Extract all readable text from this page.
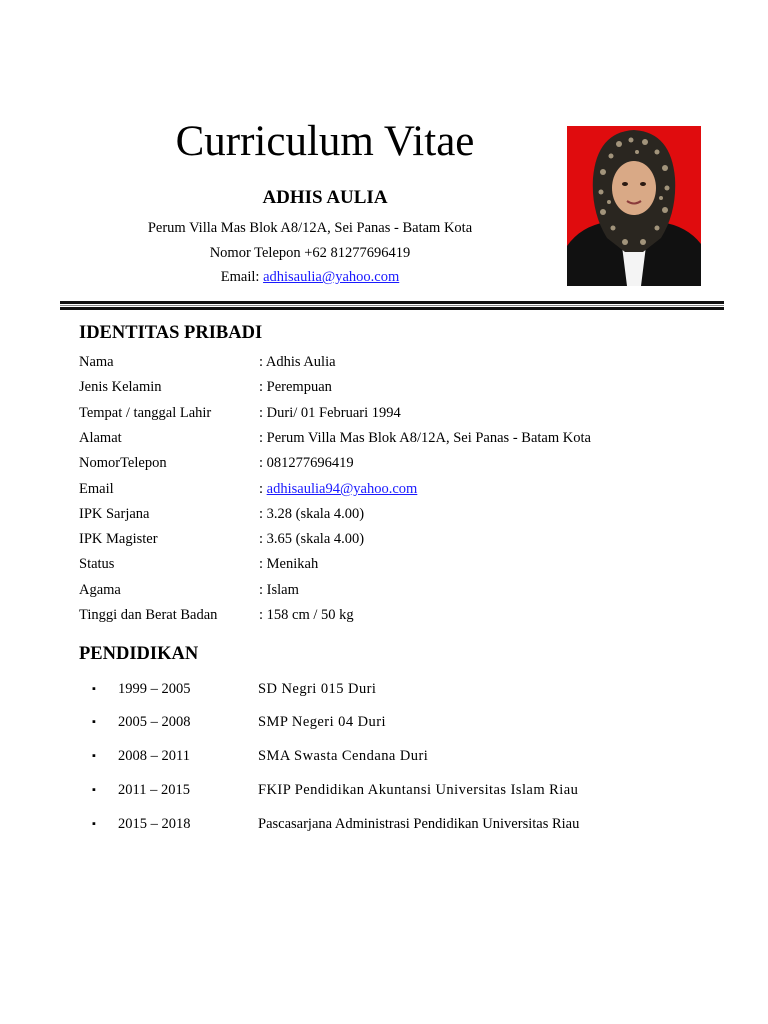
Curriculum Vitae
ADHIS AULIA
Perum Villa Mas Blok A8/12A, Sei Panas - Batam Kota
Nomor Telepon +62 81277696419
Email: adhisaulia@yahoo.com
IDENTITAS PRIBADI
Nama	: Adhis Aulia
Jenis Kelamin	: Perempuan
Tempat / tanggal Lahir	: Duri/ 01 Februari 1994
Alamat	: Perum Villa Mas Blok A8/12A, Sei Panas - Batam Kota
NomorTelepon	: 081277696419
Email	: adhisaulia94@yahoo.com
IPK Sarjana	: 3.28 (skala 4.00)
IPK Magister	: 3.65 (skala 4.00)
Status	: Menikah
Agama	: Islam
Tinggi dan Berat Badan	: 158 cm / 50 kg
PENDIDIKAN
▪ 1999 – 2005	SD Negri 015 Duri
▪ 2005 – 2008	SMP Negeri 04 Duri
▪ 2008 – 2011	SMA Swasta Cendana Duri
▪ 2011 – 2015	FKIP Pendidikan Akuntansi Universitas Islam Riau
▪ 2015 – 2018	Pascasarjana Administrasi Pendidikan Universitas Riau
